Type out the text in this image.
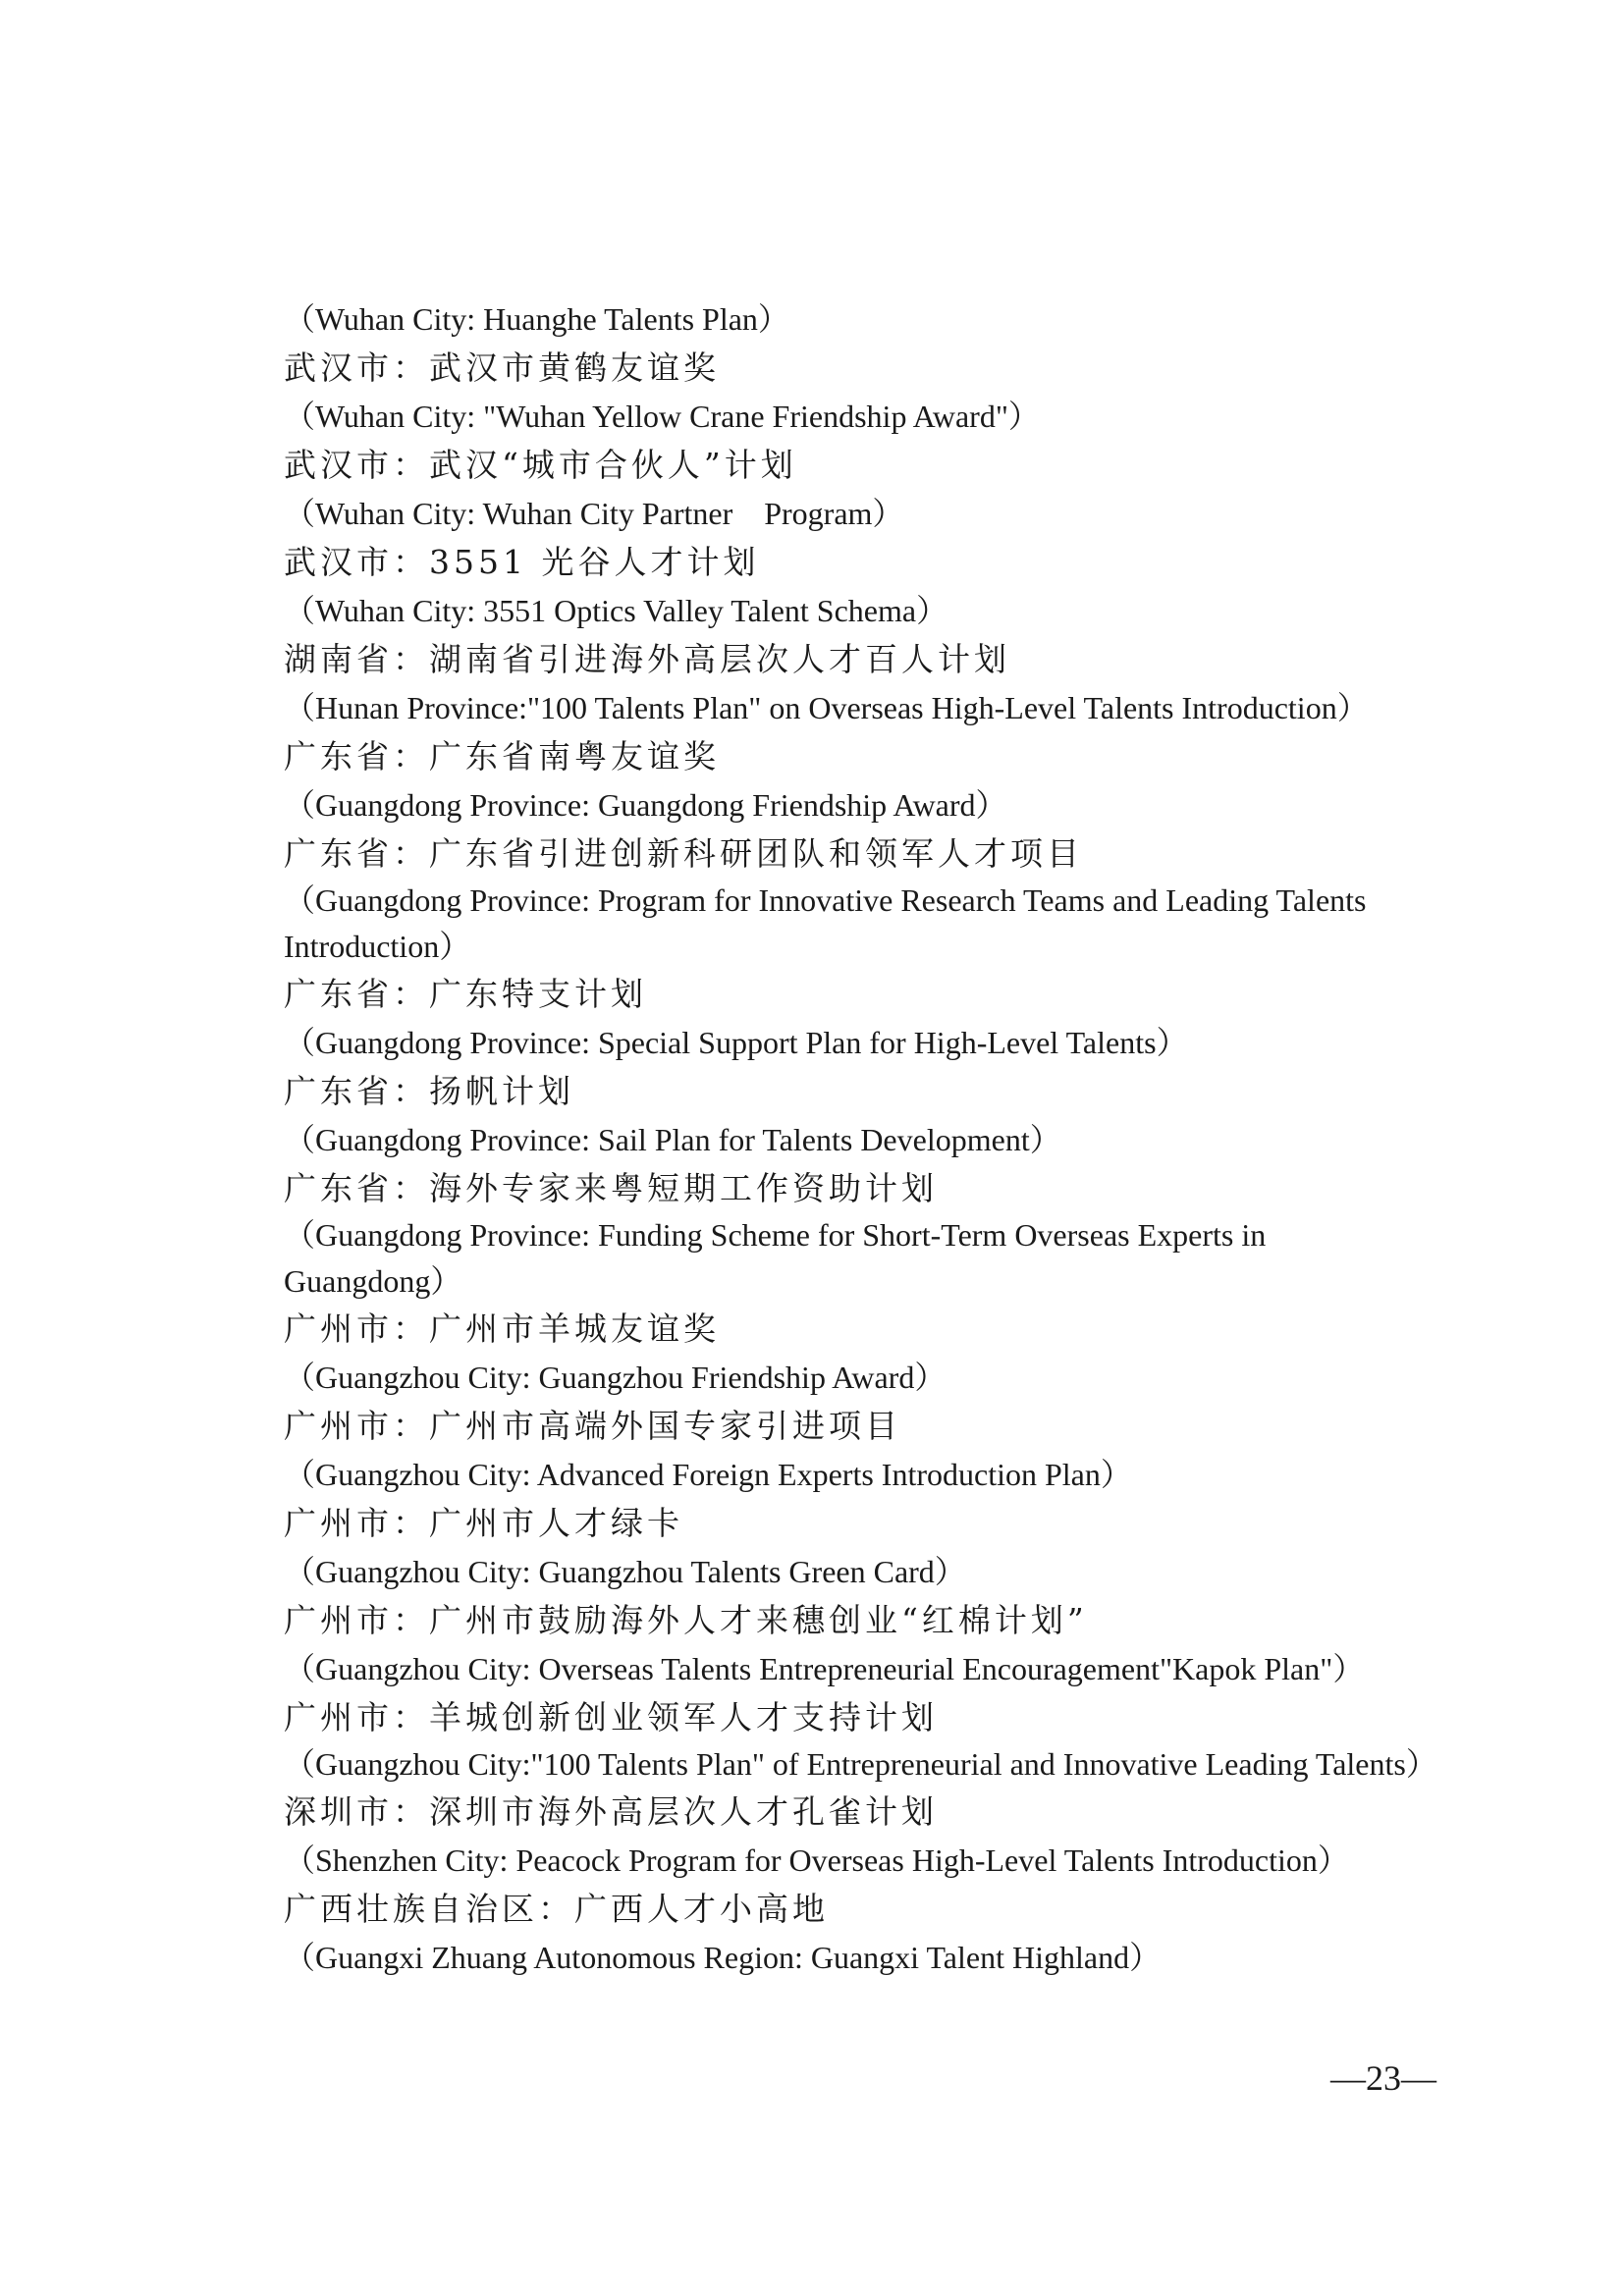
（Wuhan City: Huanghe Talents Plan）
武汉市：武汉市黄鹤友谊奖
（Wuhan City: "Wuhan Yellow Crane Friendship Award"）
武汉市：武汉“城市合伙人”计划
（Wuhan City: Wuhan City Partner　Program）
武汉市：3551 光谷人才计划
（Wuhan City: 3551 Optics Valley Talent Schema）
湖南省：湖南省引进海外高层次人才百人计划
（Hunan Province:"100 Talents Plan" on Overseas High-Level Talents Introduction）
广东省：广东省南粤友谊奖
（Guangdong Province: Guangdong Friendship Award）
广东省：广东省引进创新科研团队和领军人才项目
（Guangdong Province: Program for Innovative Research Teams and Leading Talents Introduction）
广东省：广东特支计划
（Guangdong Province: Special Support Plan for High-Level Talents）
广东省：扬帆计划
（Guangdong Province: Sail Plan for Talents Development）
广东省：海外专家来粤短期工作资助计划
（Guangdong Province: Funding Scheme for Short-Term Overseas Experts in Guangdong）
广州市：广州市羊城友谊奖
（Guangzhou City: Guangzhou Friendship Award）
广州市：广州市高端外国专家引进项目
（Guangzhou City: Advanced Foreign Experts Introduction Plan）
广州市：广州市人才绿卡
（Guangzhou City: Guangzhou Talents Green Card）
广州市：广州市鼓励海外人才来穗创业“红棉计划”
（Guangzhou City: Overseas Talents Entrepreneurial Encouragement"Kapok Plan"）
广州市：羊城创新创业领军人才支持计划
（Guangzhou City:"100 Talents Plan" of Entrepreneurial and Innovative Leading Talents）
深圳市：深圳市海外高层次人才孔雀计划
（Shenzhen City: Peacock Program for Overseas High-Level Talents Introduction）
广西壮族自治区：广西人才小高地
（Guangxi Zhuang Autonomous Region: Guangxi Talent Highland）
—23—
